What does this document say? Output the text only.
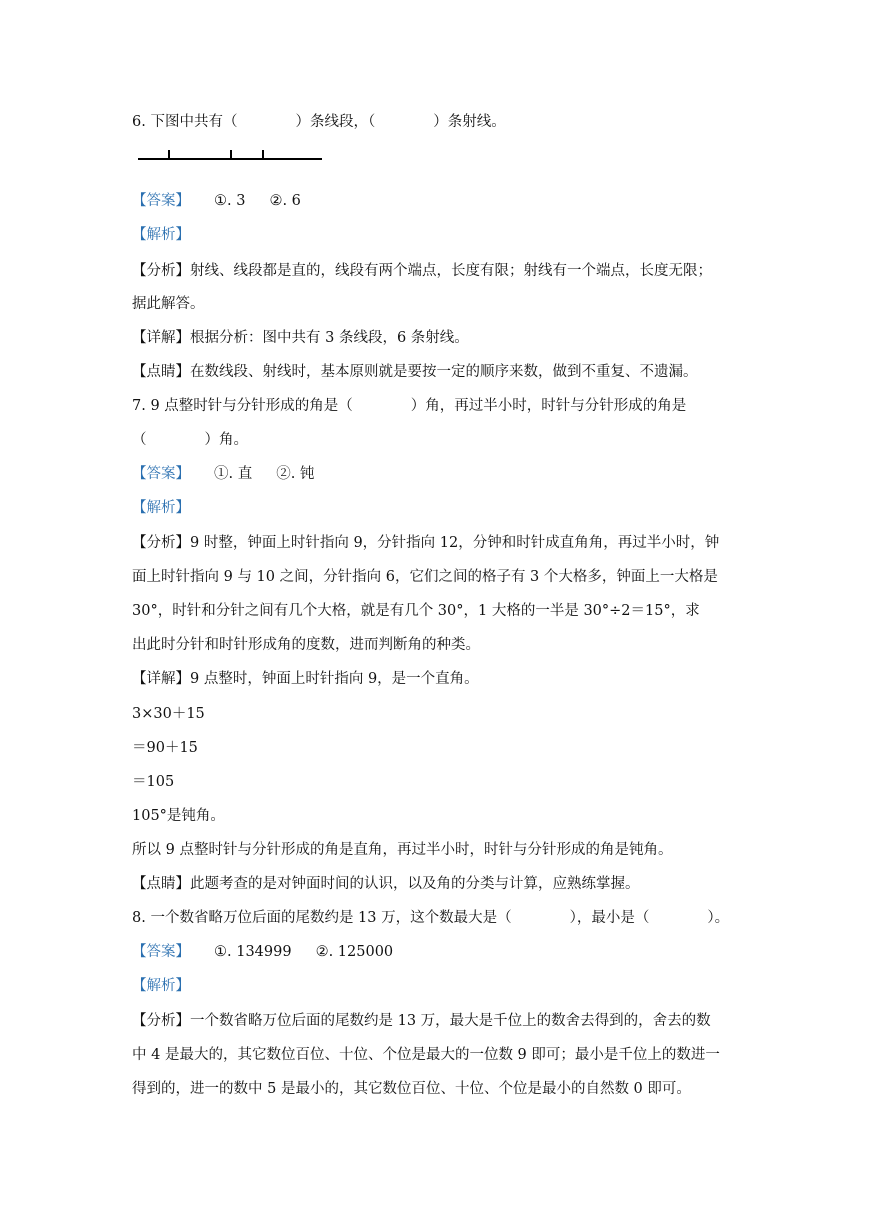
6. 下图中共有（　　　　）条线段，（　　　　）条射线。
【答案】 ①. 3 ②. 6
【解析】
【分析】射线、线段都是直的，线段有两个端点，长度有限；射线有一个端点，长度无限；
据此解答。
【详解】根据分析：图中共有 3 条线段，6 条射线。
【点睛】在数线段、射线时，基本原则就是要按一定的顺序来数，做到不重复、不遗漏。
7. 9 点整时针与分针形成的角是（　　　　）角，再过半小时，时针与分针形成的角是
（　　　　）角。
【答案】 ①. 直 ②. 钝
【解析】
【分析】9 时整，钟面上时针指向 9，分针指向 12，分钟和时针成直角角，再过半小时，钟
面上时针指向 9 与 10 之间，分针指向 6，它们之间的格子有 3 个大格多，钟面上一大格是
30°，时针和分针之间有几个大格，就是有几个 30°，1 大格的一半是 30°÷2＝15°，求
出此时分针和时针形成角的度数，进而判断角的种类。
【详解】9 点整时，钟面上时针指向 9，是一个直角。
3×30＋15
＝90＋15
＝105
105°是钝角。
所以 9 点整时针与分针形成的角是直角，再过半小时，时针与分针形成的角是钝角。
【点睛】此题考查的是对钟面时间的认识，以及角的分类与计算，应熟练掌握。
8. 一个数省略万位后面的尾数约是 13 万，这个数最大是（　　　　），最小是（　　　　）。
【答案】 ①. 134999 ②. 125000
【解析】
【分析】一个数省略万位后面的尾数约是 13 万，最大是千位上的数舍去得到的，舍去的数
中 4 是最大的，其它数位百位、十位、个位是最大的一位数 9 即可；最小是千位上的数进一
得到的，进一的数中 5 是最小的，其它数位百位、十位、个位是最小的自然数 0 即可。
